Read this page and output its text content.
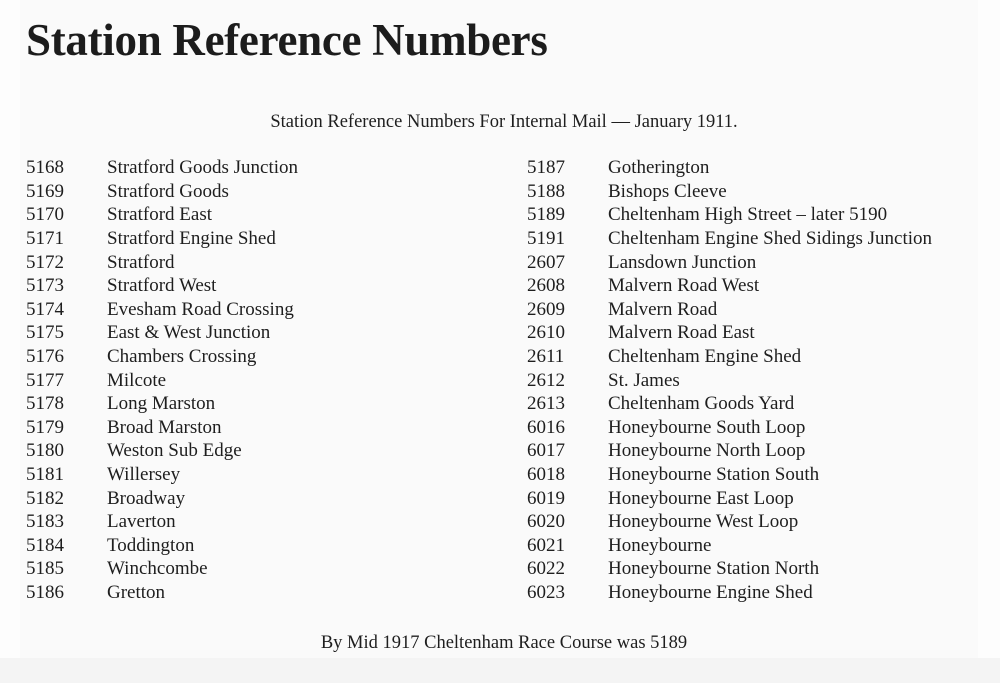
Station Reference Numbers
Station Reference Numbers For Internal Mail — January 1911.
5168	Stratford Goods Junction
5169	Stratford Goods
5170	Stratford East
5171	Stratford Engine Shed
5172	Stratford
5173	Stratford West
5174	Evesham Road Crossing
5175	East & West Junction
5176	Chambers Crossing
5177	Milcote
5178	Long Marston
5179	Broad Marston
5180	Weston Sub Edge
5181	Willersey
5182	Broadway
5183	Laverton
5184	Toddington
5185	Winchcombe
5186	Gretton
5187	Gotherington
5188	Bishops Cleeve
5189	Cheltenham High Street – later 5190
5191	Cheltenham Engine Shed Sidings Junction
2607	Lansdown Junction
2608	Malvern Road West
2609	Malvern Road
2610	Malvern Road East
2611	Cheltenham Engine Shed
2612	St. James
2613	Cheltenham Goods Yard
6016	Honeybourne South Loop
6017	Honeybourne North Loop
6018	Honeybourne Station South
6019	Honeybourne East Loop
6020	Honeybourne West Loop
6021	Honeybourne
6022	Honeybourne Station North
6023	Honeybourne Engine Shed
By Mid 1917 Cheltenham Race Course was 5189
